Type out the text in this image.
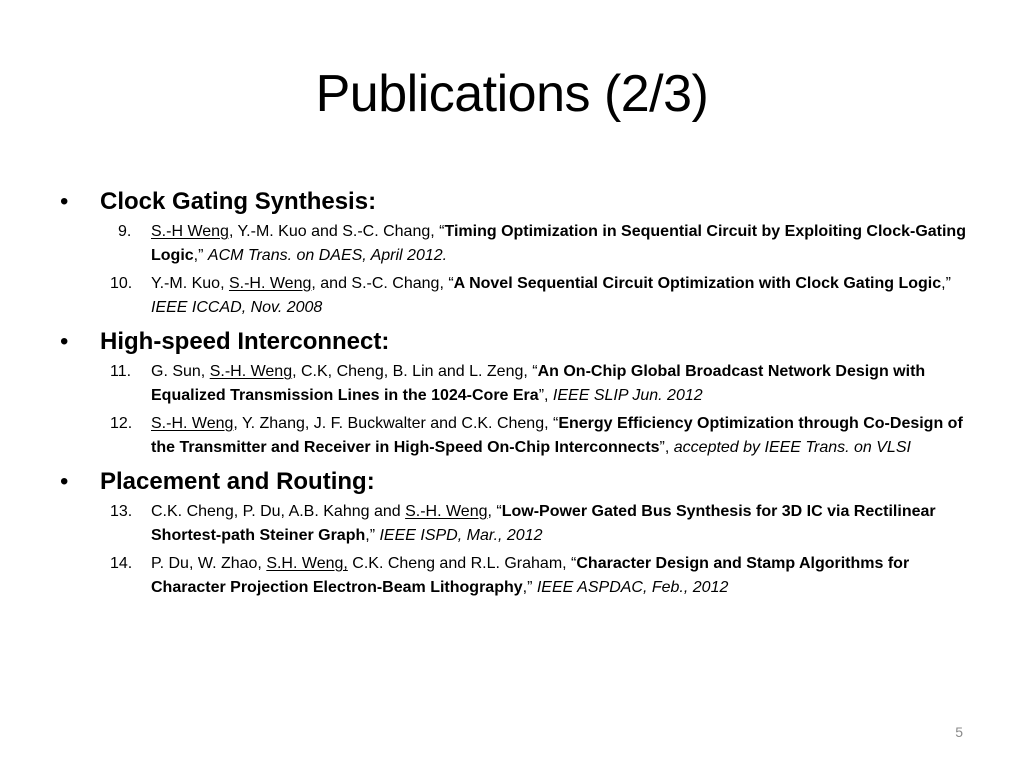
Publications (2/3)
• Clock Gating Synthesis:
9. S.-H Weng, Y.-M. Kuo and S.-C. Chang, “Timing Optimization in Sequential Circuit by Exploiting Clock-Gating Logic,” ACM Trans. on DAES, April 2012.
10. Y.-M. Kuo, S.-H. Weng, and S.-C. Chang, “A Novel Sequential Circuit Optimization with Clock Gating Logic,” IEEE ICCAD, Nov. 2008
• High-speed Interconnect:
11. G. Sun, S.-H. Weng, C.K, Cheng, B. Lin and L. Zeng, “An On-Chip Global Broadcast Network Design with Equalized Transmission Lines in the 1024-Core Era”, IEEE SLIP Jun. 2012
12. S.-H. Weng, Y. Zhang, J. F. Buckwalter and C.K. Cheng, “Energy Efficiency Optimization through Co-Design of the Transmitter and Receiver in High-Speed On-Chip Interconnects”, accepted by IEEE Trans. on VLSI
• Placement and Routing:
13. C.K. Cheng, P. Du, A.B. Kahng and S.-H. Weng, “Low-Power Gated Bus Synthesis for 3D IC via Rectilinear Shortest-path Steiner Graph,” IEEE ISPD, Mar., 2012
14. P. Du, W. Zhao, S.H. Weng, C.K. Cheng and R.L. Graham, “Character Design and Stamp Algorithms for Character Projection Electron-Beam Lithography,” IEEE ASPDAC, Feb., 2012
5
